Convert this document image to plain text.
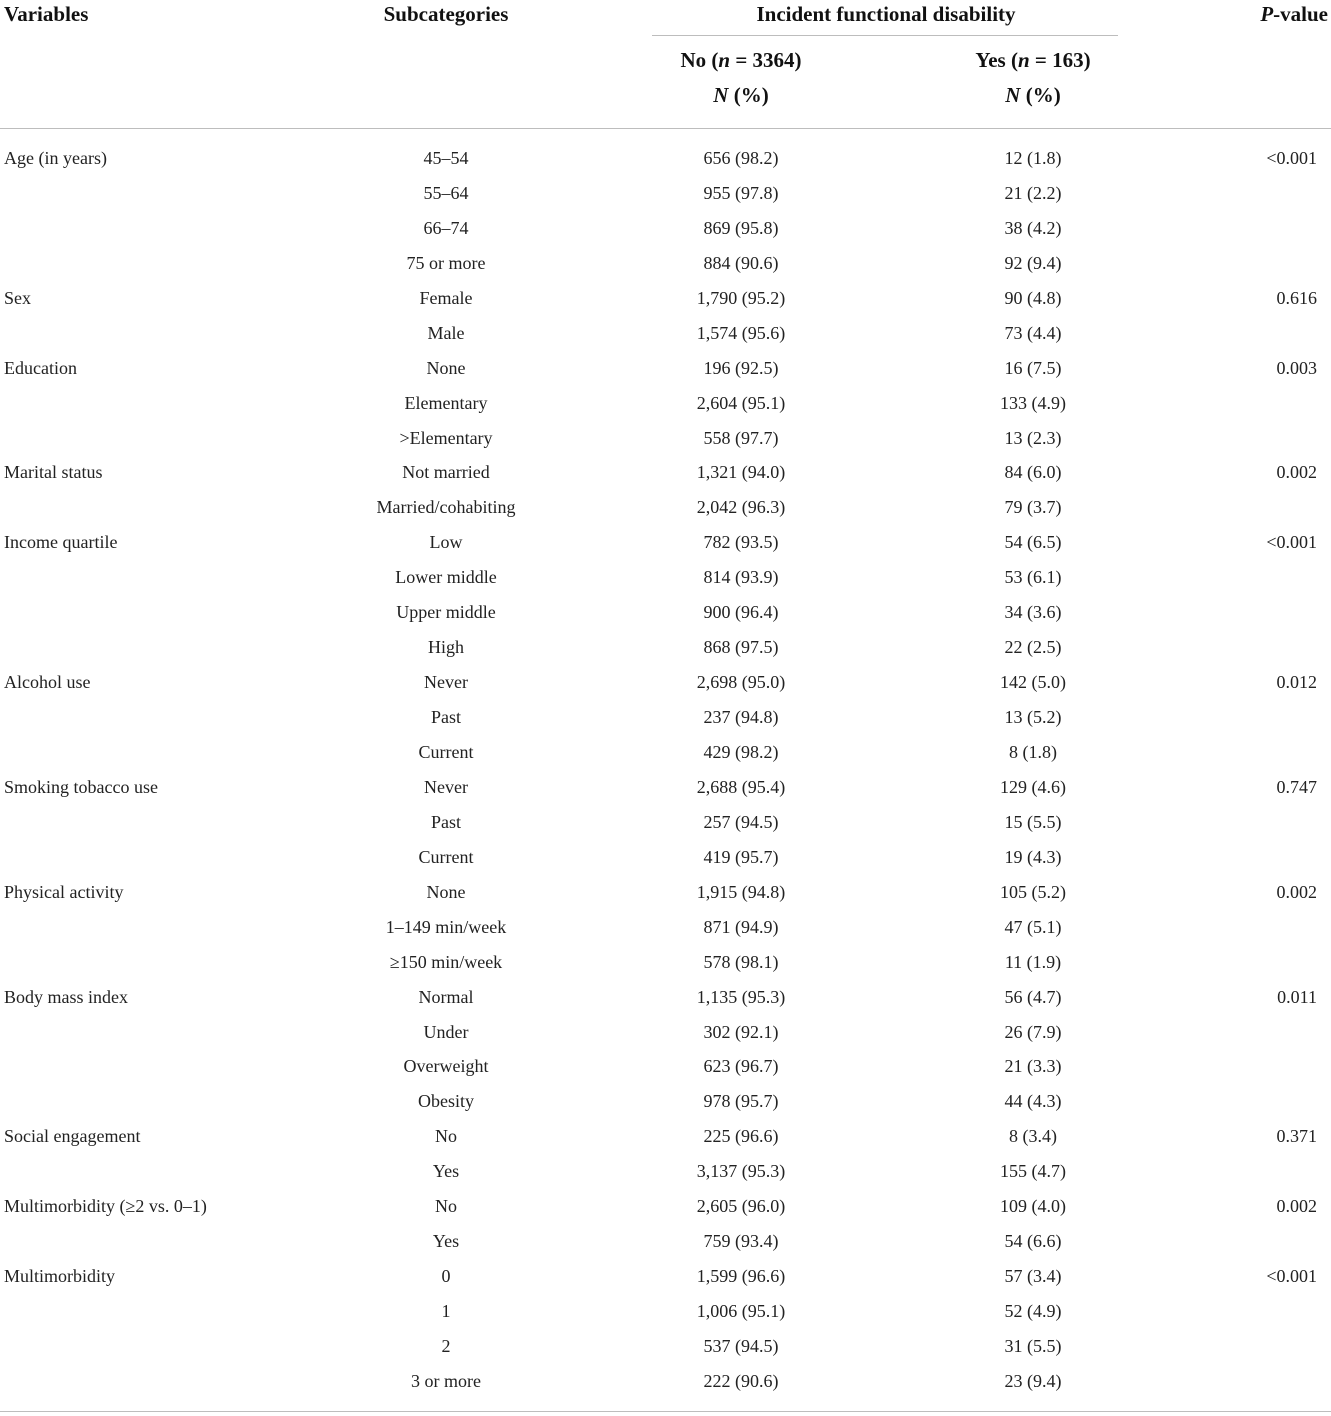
Variables	Subcategories	Incident functional disability	P-value
No (n = 3364)	Yes (n = 163)
N (%)	N (%)
Age (in years)	45–54	656 (98.2)	12 (1.8)	<0.001
55–64	955 (97.8)	21 (2.2)
66–74	869 (95.8)	38 (4.2)
75 or more	884 (90.6)	92 (9.4)
Sex	Female	1,790 (95.2)	90 (4.8)	0.616
Male	1,574 (95.6)	73 (4.4)
Education	None	196 (92.5)	16 (7.5)	0.003
Elementary	2,604 (95.1)	133 (4.9)
>Elementary	558 (97.7)	13 (2.3)
Marital status	Not married	1,321 (94.0)	84 (6.0)	0.002
Married/cohabiting	2,042 (96.3)	79 (3.7)
Income quartile	Low	782 (93.5)	54 (6.5)	<0.001
Lower middle	814 (93.9)	53 (6.1)
Upper middle	900 (96.4)	34 (3.6)
High	868 (97.5)	22 (2.5)
Alcohol use	Never	2,698 (95.0)	142 (5.0)	0.012
Past	237 (94.8)	13 (5.2)
Current	429 (98.2)	8 (1.8)
Smoking tobacco use	Never	2,688 (95.4)	129 (4.6)	0.747
Past	257 (94.5)	15 (5.5)
Current	419 (95.7)	19 (4.3)
Physical activity	None	1,915 (94.8)	105 (5.2)	0.002
1–149 min/week	871 (94.9)	47 (5.1)
≥150 min/week	578 (98.1)	11 (1.9)
Body mass index	Normal	1,135 (95.3)	56 (4.7)	0.011
Under	302 (92.1)	26 (7.9)
Overweight	623 (96.7)	21 (3.3)
Obesity	978 (95.7)	44 (4.3)
Social engagement	No	225 (96.6)	8 (3.4)	0.371
Yes	3,137 (95.3)	155 (4.7)
Multimorbidity (≥2 vs. 0–1)	No	2,605 (96.0)	109 (4.0)	0.002
Yes	759 (93.4)	54 (6.6)
Multimorbidity	0	1,599 (96.6)	57 (3.4)	<0.001
1	1,006 (95.1)	52 (4.9)
2	537 (94.5)	31 (5.5)
3 or more	222 (90.6)	23 (9.4)
